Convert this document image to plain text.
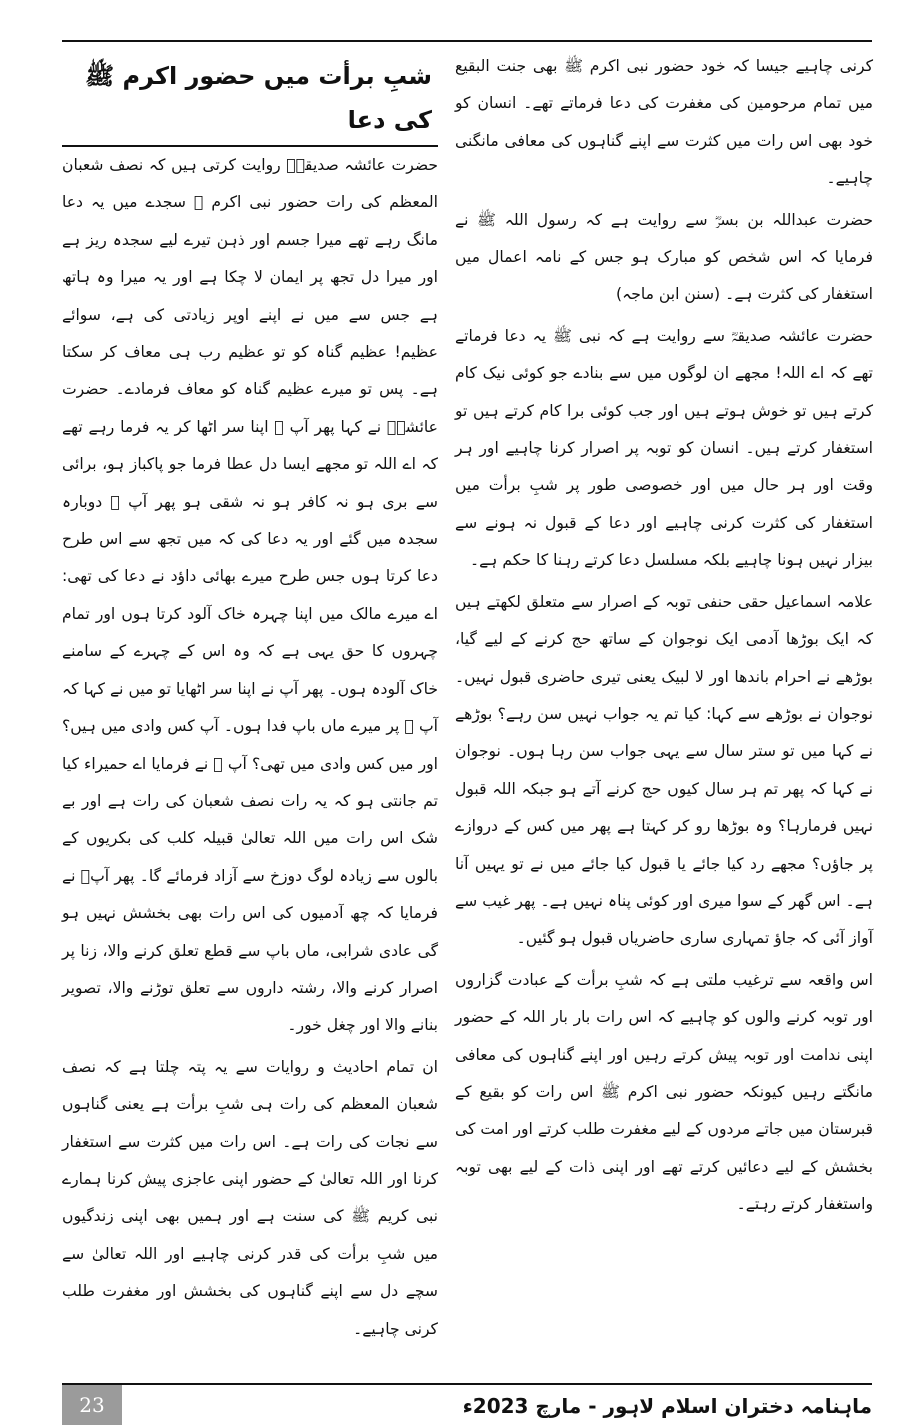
کرنی چاہیے جیسا کہ خود حضور نبی اکرم ﷺ بھی جنت البقیع میں تمام مرحومین کی مغفرت کی دعا فرماتے تھے۔ انسان کو خود بھی اس رات میں کثرت سے اپنے گناہوں کی معافی مانگنی چاہیے۔

حضرت عبداللہ بن بسرؓ سے روایت ہے کہ رسول اللہ ﷺ نے فرمایا کہ اس شخص کو مبارک ہو جس کے نامہ اعمال میں استغفار کی کثرت ہے۔ (سنن ابن ماجہ)

حضرت عائشہ صدیقہؓ سے روایت ہے کہ نبی ﷺ یہ دعا فرماتے تھے کہ اے اللہ! مجھے ان لوگوں میں سے بنادے جو کوئی نیک کام کرتے ہیں تو خوش ہوتے ہیں اور جب کوئی برا کام کرتے ہیں تو استغفار کرتے ہیں۔ انسان کو توبہ پر اصرار کرنا چاہیے اور ہر وقت اور ہر حال میں اور خصوصی طور پر شبِ برأت میں استغفار کی کثرت کرنی چاہیے اور دعا کے قبول نہ ہونے سے بیزار نہیں ہونا چاہیے بلکہ مسلسل دعا کرتے رہنا کا حکم ہے۔

علامہ اسماعیل حقی حنفی توبہ کے اصرار سے متعلق لکھتے ہیں کہ ایک بوڑھا آدمی ایک نوجوان کے ساتھ حج کرنے کے لیے گیا، بوڑھے نے احرام باندھا اور لا لبیک یعنی تیری حاضری قبول نہیں۔ نوجوان نے بوڑھے سے کہا: کیا تم یہ جواب نہیں سن رہے؟ بوڑھے نے کہا میں تو ستر سال سے یہی جواب سن رہا ہوں۔ نوجوان نے کہا کہ پھر تم ہر سال کیوں حج کرنے آتے ہو جبکہ اللہ قبول نہیں فرمارہا؟ وہ بوڑھا رو کر کہتا ہے پھر میں کس کے دروازے پر جاؤں؟ مجھے رد کیا جائے یا قبول کیا جائے میں نے تو یہیں آنا ہے۔ اس گھر کے سوا میری اور کوئی پناہ نہیں ہے۔ پھر غیب سے آواز آئی کہ جاؤ تمہاری ساری حاضریاں قبول ہو گئیں۔

اس واقعہ سے ترغیب ملتی ہے کہ شبِ برأت کے عبادت گزاروں اور توبہ کرنے والوں کو چاہیے کہ اس رات بار بار اللہ کے حضور اپنی ندامت اور توبہ پیش کرتے رہیں اور اپنے گناہوں کی معافی مانگتے رہیں کیونکہ حضور نبی اکرم ﷺ اس رات کو بقیع کے قبرستان میں جاتے مردوں کے لیے مغفرت طلب کرتے اور امت کی بخشش کے لیے دعائیں کرتے تھے اور اپنی ذات کے لیے بھی توبہ واستغفار کرتے رہتے۔

شبِ برأت میں حضور اکرم ﷺ کی دعا

حضرت عائشہ صدیقہؓ روایت کرتی ہیں کہ نصف شعبان المعظم کی رات حضور نبی اکرم ﷺ سجدے میں یہ دعا مانگ رہے تھے میرا جسم اور ذہن تیرے لیے سجدہ ریز ہے اور میرا دل تجھ پر ایمان لا چکا ہے اور یہ میرا وہ ہاتھ ہے جس سے میں نے اپنے اوپر زیادتی کی ہے، سوائے عظیم! عظیم گناہ کو تو عظیم رب ہی معاف کر سکتا ہے۔ پس تو میرے عظیم گناہ کو معاف فرمادے۔ حضرت عائشہؓ نے کہا پھر آپ ﷺ اپنا سر اٹھا کر یہ فرما رہے تھے کہ اے اللہ تو مجھے ایسا دل عطا فرما جو پاکباز ہو، برائی سے بری ہو نہ کافر ہو نہ شقی ہو پھر آپ ﷺ دوبارہ سجدہ میں گئے اور یہ دعا کی کہ میں تجھ سے اس طرح دعا کرتا ہوں جس طرح میرے بھائی داؤد نے دعا کی تھی: اے میرے مالک میں اپنا چہرہ خاک آلود کرتا ہوں اور تمام چہروں کا حق یہی ہے کہ وہ اس کے چہرے کے سامنے خاک آلودہ ہوں۔ پھر آپ نے اپنا سر اٹھایا تو میں نے کہا کہ آپ ﷺ پر میرے ماں باپ فدا ہوں۔ آپ کس وادی میں ہیں؟ اور میں کس وادی میں تھی؟ آپ ﷺ نے فرمایا اے حمیراء کیا تم جانتی ہو کہ یہ رات نصف شعبان کی رات ہے اور بے شک اس رات میں اللہ تعالیٰ قبیلہ کلب کی بکریوں کے بالوں سے زیادہ لوگ دوزخ سے آزاد فرمائے گا۔ پھر آپؐ نے فرمایا کہ چھ آدمیوں کی اس رات بھی بخشش نہیں ہو گی عادی شرابی، ماں باپ سے قطع تعلق کرنے والا، زنا پر اصرار کرنے والا، رشتہ داروں سے تعلق توڑنے والا، تصویر بنانے والا اور چغل خور۔

ان تمام احادیث و روایات سے یہ پتہ چلتا ہے کہ نصف شعبان المعظم کی رات ہی شبِ برأت ہے یعنی گناہوں سے نجات کی رات ہے۔ اس رات میں کثرت سے استغفار کرنا اور اللہ تعالیٰ کے حضور اپنی عاجزی پیش کرنا ہمارے نبی کریم ﷺ کی سنت ہے اور ہمیں بھی اپنی زندگیوں میں شبِ برأت کی قدر کرنی چاہیے اور اللہ تعالیٰ سے سچے دل سے اپنے گناہوں کی بخشش اور مغفرت طلب کرنی چاہیے۔

23	ماہنامہ دختران اسلام لاہور - مارچ 2023ء
